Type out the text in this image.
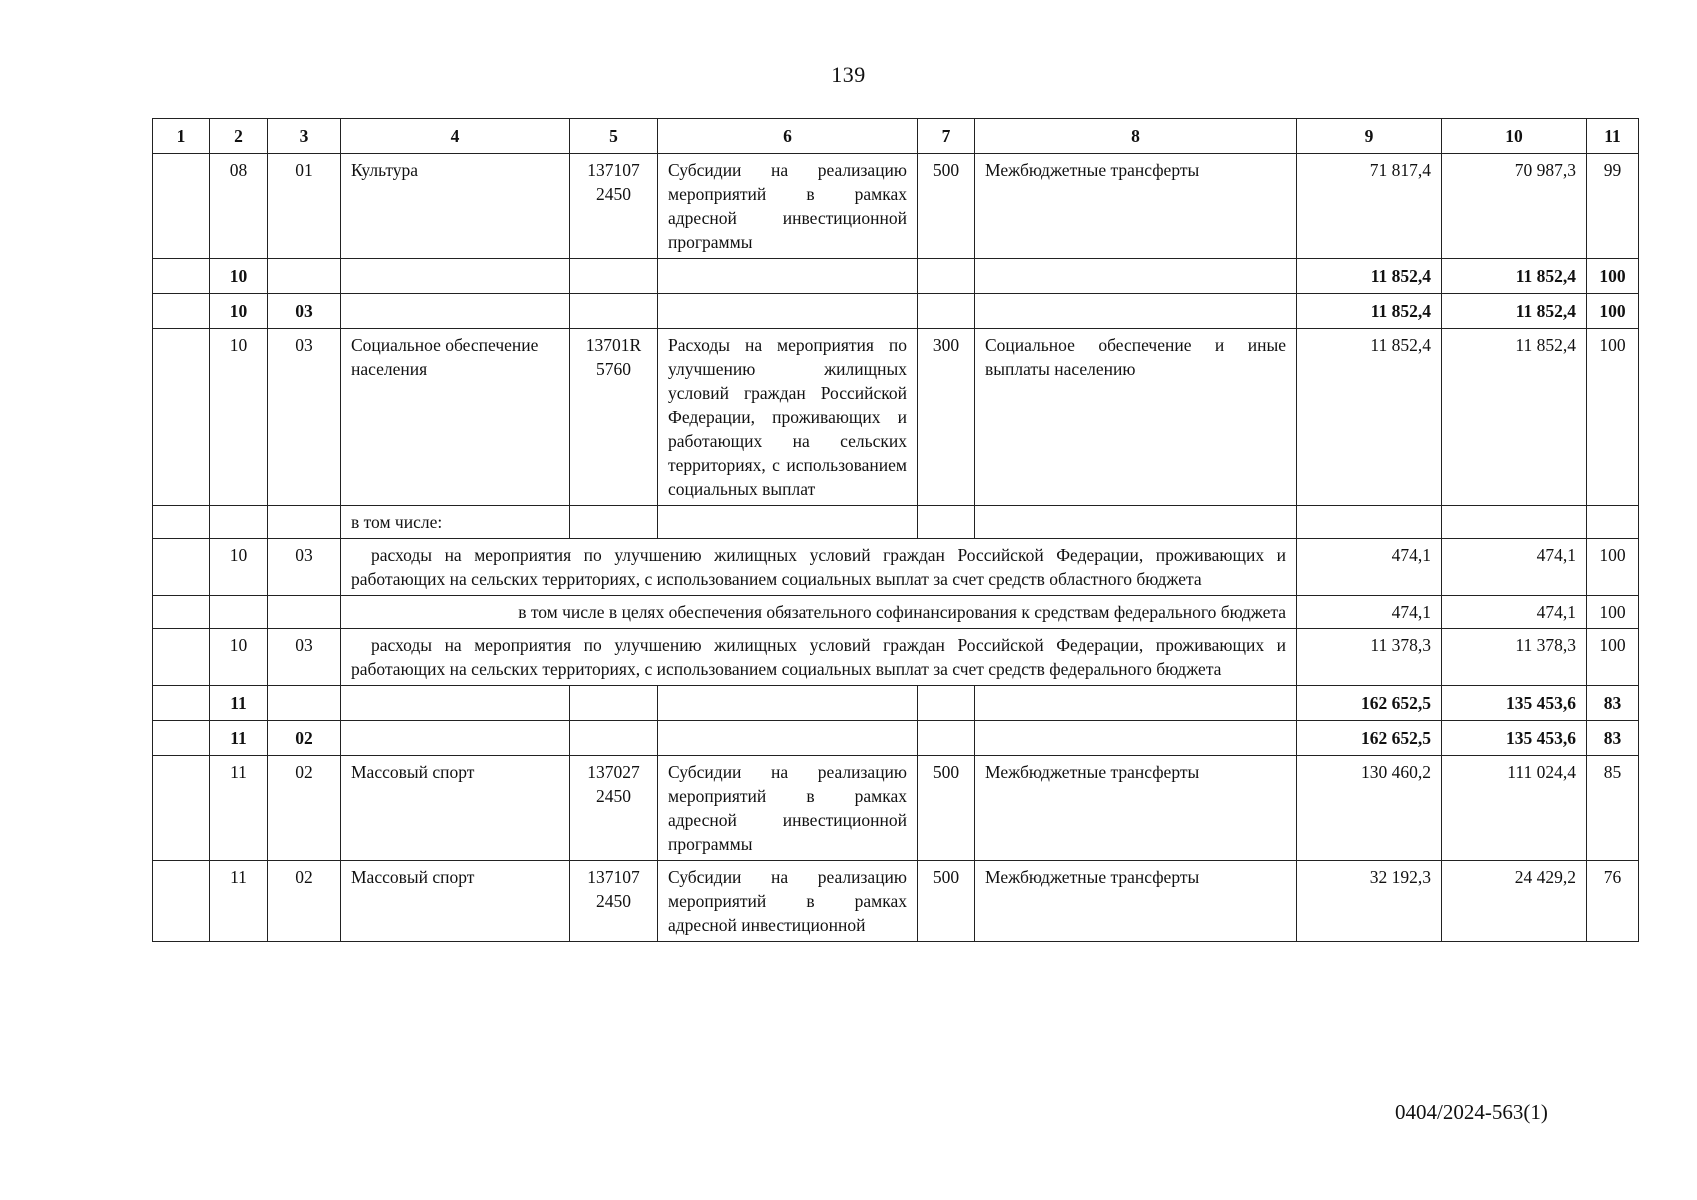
139
1	2	3	4	5	6	7	8	9	10	11
	08	01	Культура	137107 2450	Субсидии на реализацию мероприятий в рамках адресной инвестиционной программы	500	Межбюджетные трансферты	71 817,4	70 987,3	99
	10							11 852,4	11 852,4	100
	10	03						11 852,4	11 852,4	100
	10	03	Социальное обеспечение населения	13701R 5760	Расходы на мероприятия по улучшению жилищных условий граждан Российской Федерации, проживающих и работающих на сельских территориях, с использованием социальных выплат	300	Социальное обеспечение и иные выплаты населению	11 852,4	11 852,4	100
			в том числе:							
	10	03	расходы на мероприятия по улучшению жилищных условий граждан Российской Федерации, проживающих и работающих на сельских территориях, с использованием социальных выплат за счет средств областного бюджета					474,1	474,1	100
			в том числе в целях обеспечения обязательного софинансирования к средствам федерального бюджета					474,1	474,1	100
	10	03	расходы на мероприятия по улучшению жилищных условий граждан Российской Федерации, проживающих и работающих на сельских территориях, с использованием социальных выплат за счет средств федерального бюджета					11 378,3	11 378,3	100
	11							162 652,5	135 453,6	83
	11	02						162 652,5	135 453,6	83
	11	02	Массовый спорт	137027 2450	Субсидии на реализацию мероприятий в рамках адресной инвестиционной программы	500	Межбюджетные трансферты	130 460,2	111 024,4	85
	11	02	Массовый спорт	137107 2450	Субсидии на реализацию мероприятий в рамках адресной инвестиционной	500	Межбюджетные трансферты	32 192,3	24 429,2	76
0404/2024-563(1)
